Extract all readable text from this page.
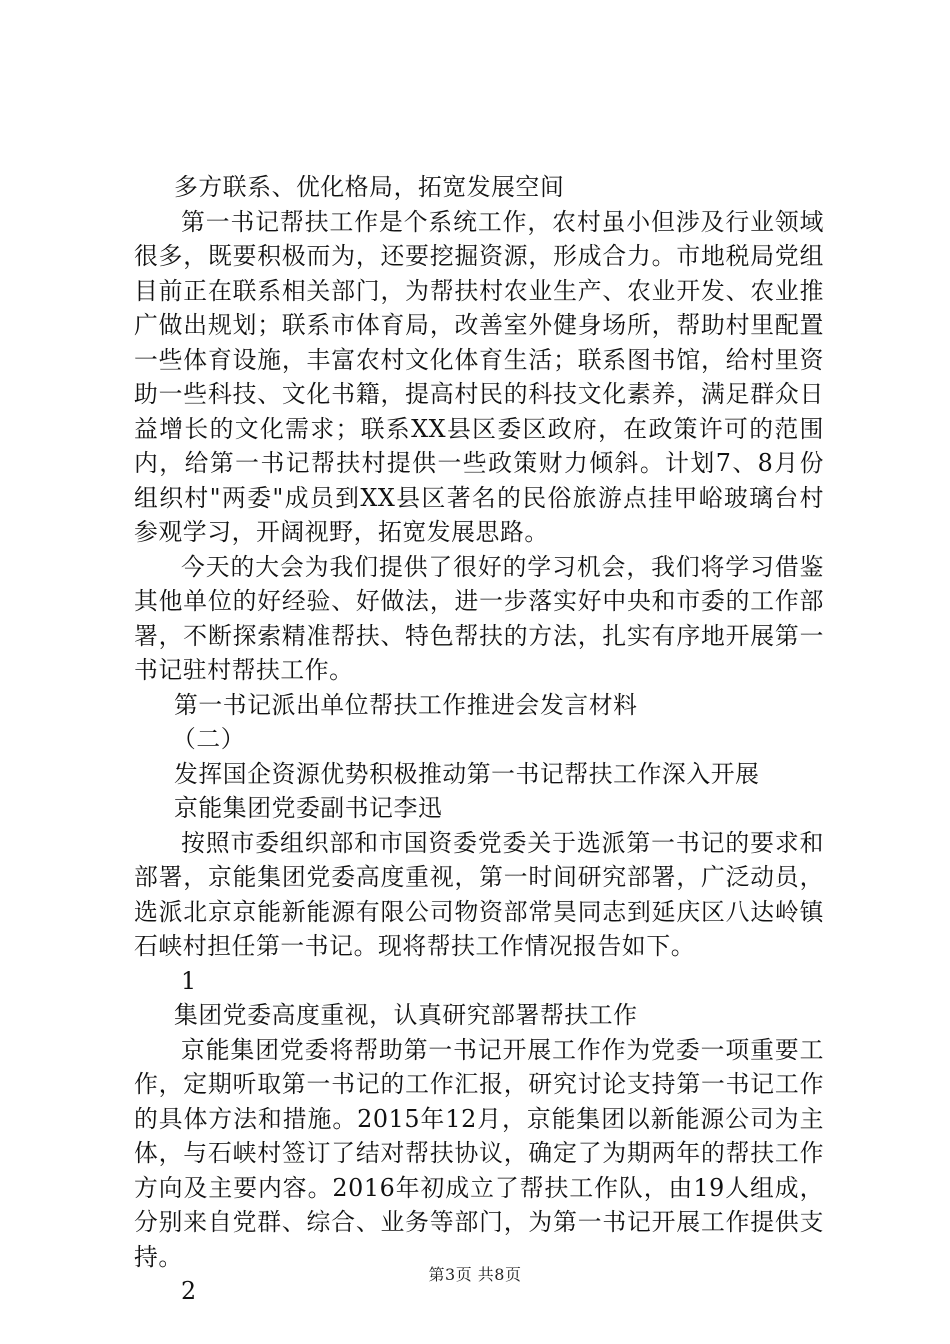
多方联系、优化格局，拓宽发展空间

第一书记帮扶工作是个系统工作，农村虽小但涉及行业领域很多，既要积极而为，还要挖掘资源，形成合力。市地税局党组目前正在联系相关部门，为帮扶村农业生产、农业开发、农业推广做出规划；联系市体育局，改善室外健身场所，帮助村里配置一些体育设施，丰富农村文化体育生活；联系图书馆，给村里资助一些科技、文化书籍，提高村民的科技文化素养，满足群众日益增长的文化需求；联系XX县区委区政府，在政策许可的范围内，给第一书记帮扶村提供一些政策财力倾斜。计划7、8月份组织村"两委"成员到XX县区著名的民俗旅游点挂甲峪玻璃台村参观学习，开阔视野，拓宽发展思路。

今天的大会为我们提供了很好的学习机会，我们将学习借鉴其他单位的好经验、好做法，进一步落实好中央和市委的工作部署，不断探索精准帮扶、特色帮扶的方法，扎实有序地开展第一书记驻村帮扶工作。

第一书记派出单位帮扶工作推进会发言材料

（二）

发挥国企资源优势积极推动第一书记帮扶工作深入开展

京能集团党委副书记李迅

按照市委组织部和市国资委党委关于选派第一书记的要求和部署，京能集团党委高度重视，第一时间研究部署，广泛动员，选派北京京能新能源有限公司物资部常昊同志到延庆区八达岭镇石峡村担任第一书记。现将帮扶工作情况报告如下。

1

集团党委高度重视，认真研究部署帮扶工作

京能集团党委将帮助第一书记开展工作作为党委一项重要工作，定期听取第一书记的工作汇报，研究讨论支持第一书记工作的具体方法和措施。2015年12月，京能集团以新能源公司为主体，与石峡村签订了结对帮扶协议，确定了为期两年的帮扶工作方向及主要内容。2016年初成立了帮扶工作队，由19人组成，分别来自党群、综合、业务等部门，为第一书记开展工作提供支持。

2

第3页 共8页
